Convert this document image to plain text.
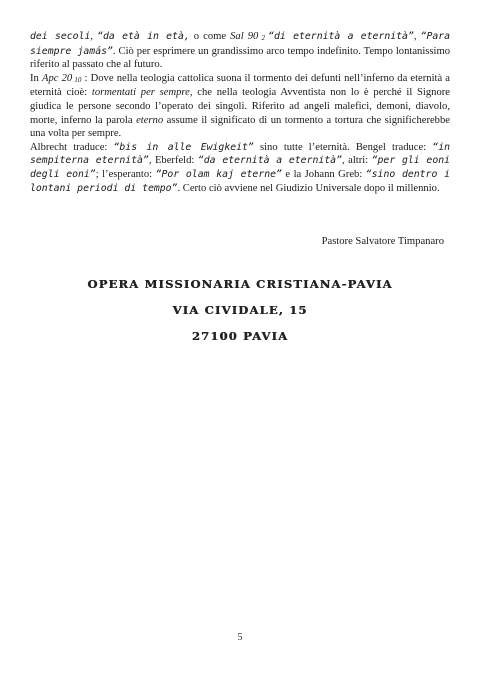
dei secoli, “da età in età, o come Sal 90 $_2$ “di eternità a eternità”, “Para siempre jamás”. Ciò per esprimere un grandissimo arco tempo indefinito. Tempo lontanissimo riferito al passato che al futuro.

In Apc 20 $_{10}$ : Dove nella teologia cattolica suona il tormento dei defunti nell’inferno da eternità a eternità cioè: tormentati per sempre, che nella teologia Avventista non lo è perché il Signore giudica le persone secondo l’operato dei singoli. Riferito ad angeli malefici, demoni, diavolo, morte, inferno la parola eterno assume il significato di un tormento a tortura che significherebbe una volta per sempre.

Albrecht traduce: “bis in alle Ewigkeit” sino tutte l’eternità. Bengel traduce: “in sempiterna eternità”, Eberfeld: “da eternità a eternità”, altri: “per gli eoni degli eoni”; l’esperanto: “Por olam kaj eterne” e la Johann Greb: “sino dentro i lontani periodi di tempo”. Certo ciò avviene nel Giudizio Universale dopo il millennio.

Pastore Salvatore Timpanaro
OPERA MISSIONARIA CRISTIANA-PAVIA
VIA CIVIDALE, 15
27100 PAVIA
5
